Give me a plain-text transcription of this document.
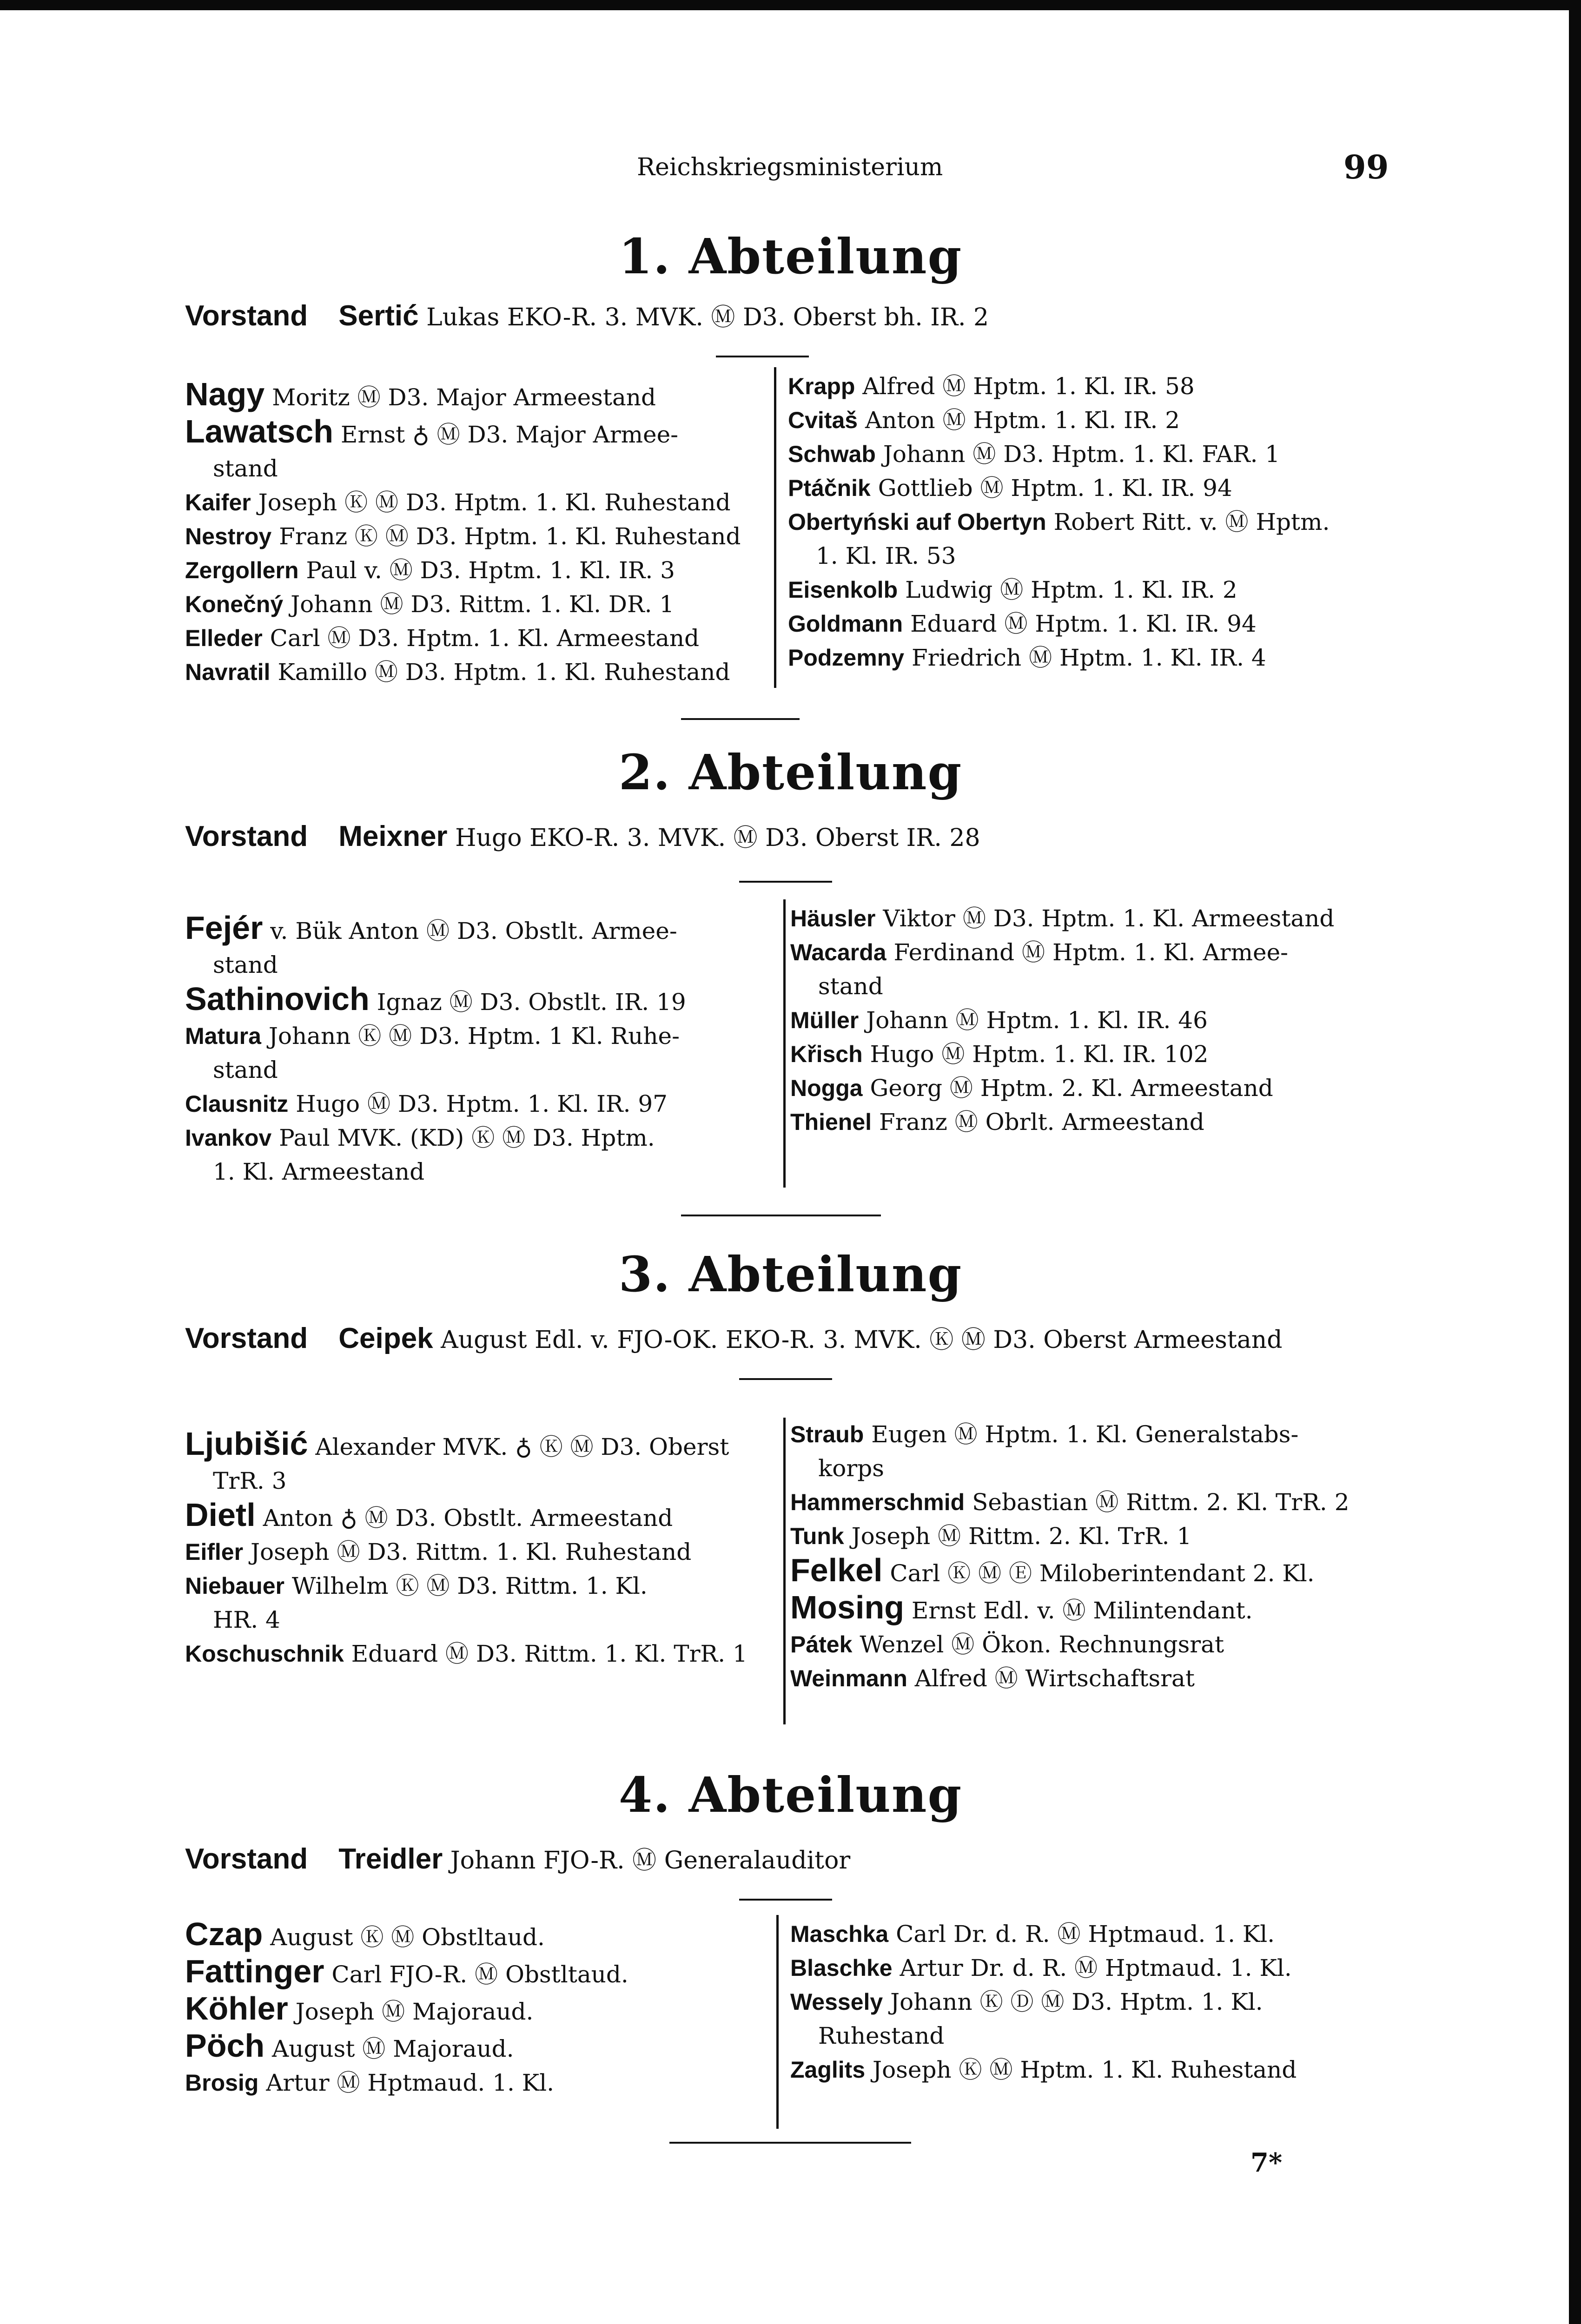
Reichskriegsministerium	99
1. Abteilung
Vorstand Sertić Lukas EKO-R. 3. MVK. Ⓜ D3. Oberst bh. IR. 2
Nagy Moritz Ⓜ D3. Major Armeestand
Lawatsch Ernst ♁ Ⓜ D3. Major Armee-
stand
Kaifer Joseph Ⓚ Ⓜ D3. Hptm. 1. Kl. Ruhestand
Nestroy Franz Ⓚ Ⓜ D3. Hptm. 1. Kl. Ruhestand
Zergollern Paul v. Ⓜ D3. Hptm. 1. Kl. IR. 3
Konečný Johann Ⓜ D3. Rittm. 1. Kl. DR. 1
Elleder Carl Ⓜ D3. Hptm. 1. Kl. Armeestand
Navratil Kamillo Ⓜ D3. Hptm. 1. Kl. Ruhestand
Krapp Alfred Ⓜ Hptm. 1. Kl. IR. 58
Cvitaš Anton Ⓜ Hptm. 1. Kl. IR. 2
Schwab Johann Ⓜ D3. Hptm. 1. Kl. FAR. 1
Ptáčnik Gottlieb Ⓜ Hptm. 1. Kl. IR. 94
Obertyński auf Obertyn Robert Ritt. v. Ⓜ Hptm.
1. Kl. IR. 53
Eisenkolb Ludwig Ⓜ Hptm. 1. Kl. IR. 2
Goldmann Eduard Ⓜ Hptm. 1. Kl. IR. 94
Podzemny Friedrich Ⓜ Hptm. 1. Kl. IR. 4
2. Abteilung
Vorstand Meixner Hugo EKO-R. 3. MVK. Ⓜ D3. Oberst IR. 28
Fejér v. Bük Anton Ⓜ D3. Obstlt. Armee-
stand
Sathinovich Ignaz Ⓜ D3. Obstlt. IR. 19
Matura Johann Ⓚ Ⓜ D3. Hptm. 1 Kl. Ruhe-
stand
Clausnitz Hugo Ⓜ D3. Hptm. 1. Kl. IR. 97
Ivankov Paul MVK. (KD) Ⓚ Ⓜ D3. Hptm.
1. Kl. Armeestand
Häusler Viktor Ⓜ D3. Hptm. 1. Kl. Armeestand
Wacarda Ferdinand Ⓜ Hptm. 1. Kl. Armee-
stand
Müller Johann Ⓜ Hptm. 1. Kl. IR. 46
Křisch Hugo Ⓜ Hptm. 1. Kl. IR. 102
Nogga Georg Ⓜ Hptm. 2. Kl. Armeestand
Thienel Franz Ⓜ Obrlt. Armeestand
3. Abteilung
Vorstand Ceipek August Edl. v. FJO-OK. EKO-R. 3. MVK. Ⓚ Ⓜ D3. Oberst Armeestand
Ljubišić Alexander MVK. ♁ Ⓚ Ⓜ D3. Oberst
TrR. 3
Dietl Anton ♁ Ⓜ D3. Obstlt. Armeestand
Eifler Joseph Ⓜ D3. Rittm. 1. Kl. Ruhestand
Niebauer Wilhelm Ⓚ Ⓜ D3. Rittm. 1. Kl.
HR. 4
Koschuschnik Eduard Ⓜ D3. Rittm. 1. Kl. TrR. 1
Straub Eugen Ⓜ Hptm. 1. Kl. Generalstabs-
korps
Hammerschmid Sebastian Ⓜ Rittm. 2. Kl. TrR. 2
Tunk Joseph Ⓜ Rittm. 2. Kl. TrR. 1
Felkel Carl Ⓚ Ⓜ Ⓔ Miloberintendant 2. Kl.
Mosing Ernst Edl. v. Ⓜ Milintendant.
Pátek Wenzel Ⓜ Ökon. Rechnungsrat
Weinmann Alfred Ⓜ Wirtschaftsrat
4. Abteilung
Vorstand Treidler Johann FJO-R. Ⓜ Generalauditor
Czap August Ⓚ Ⓜ Obstltaud.
Fattinger Carl FJO-R. Ⓜ Obstltaud.
Köhler Joseph Ⓜ Majoraud.
Pöch August Ⓜ Majoraud.
Brosig Artur Ⓜ Hptmaud. 1. Kl.
Maschka Carl Dr. d. R. Ⓜ Hptmaud. 1. Kl.
Blaschke Artur Dr. d. R. Ⓜ Hptmaud. 1. Kl.
Wessely Johann Ⓚ Ⓓ Ⓜ D3. Hptm. 1. Kl.
Ruhestand
Zaglits Joseph Ⓚ Ⓜ Hptm. 1. Kl. Ruhestand
7*
